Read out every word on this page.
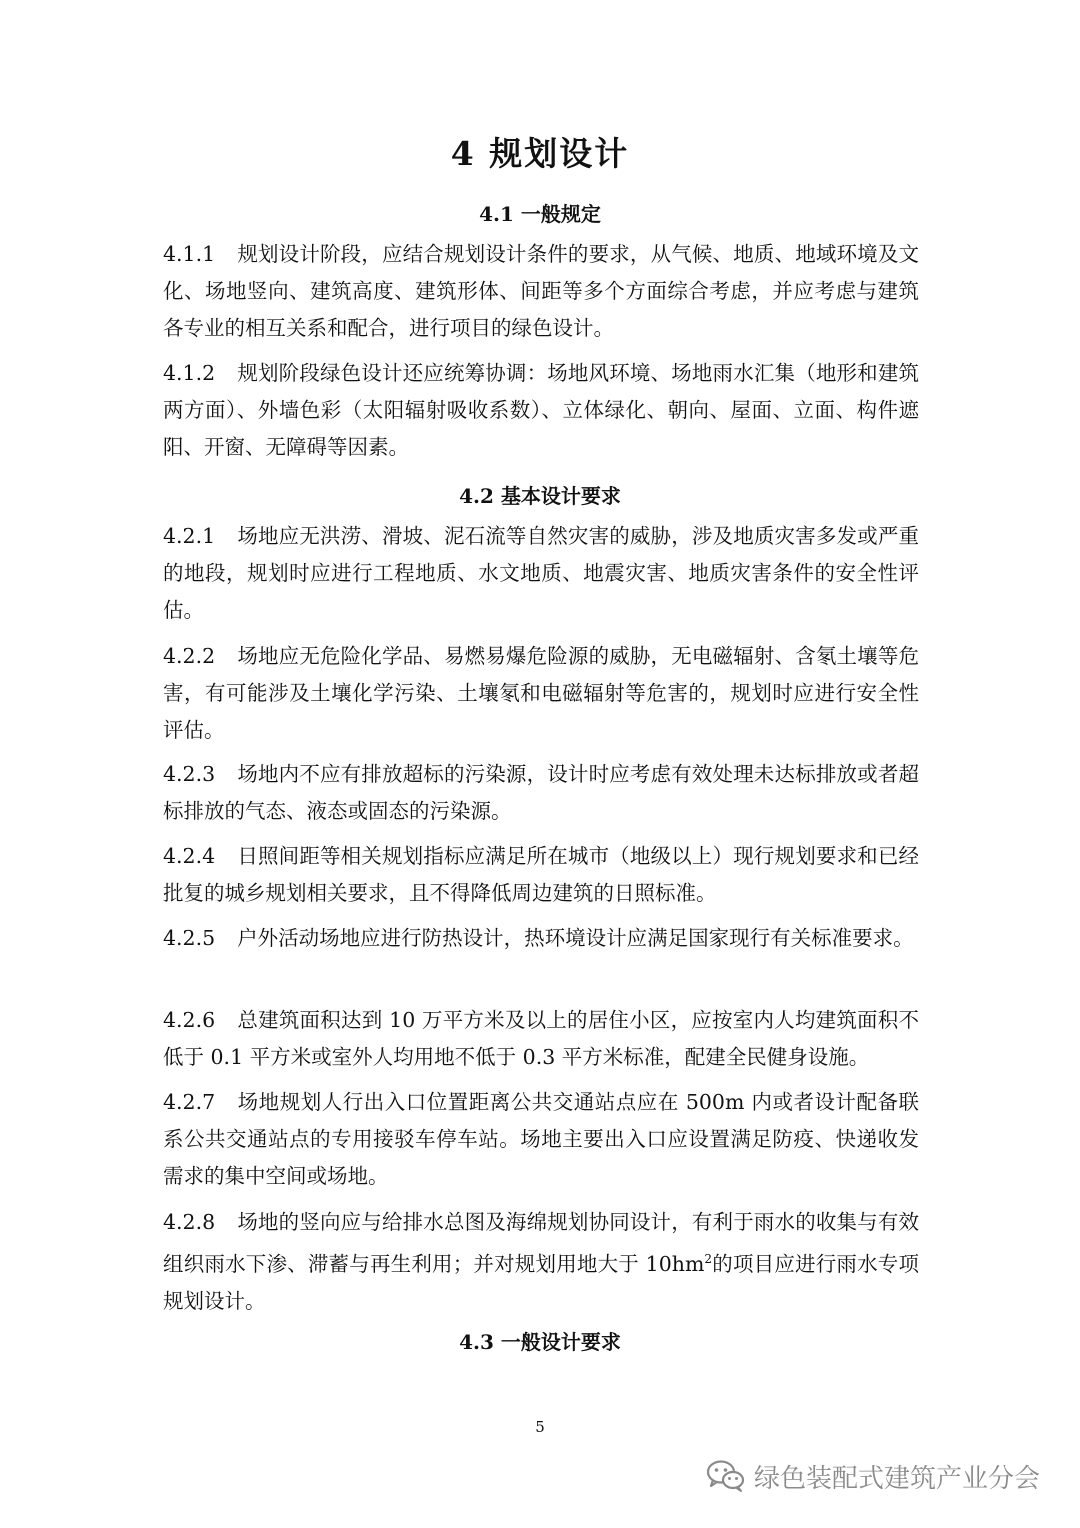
4 规划设计
4.1 一般规定
4.1.1 规划设计阶段，应结合规划设计条件的要求，从气候、地质、地域环境及文化、场地竖向、建筑高度、建筑形体、间距等多个方面综合考虑，并应考虑与建筑各专业的相互关系和配合，进行项目的绿色设计。
4.1.2 规划阶段绿色设计还应统筹协调：场地风环境、场地雨水汇集（地形和建筑两方面）、外墙色彩（太阳辐射吸收系数）、立体绿化、朝向、屋面、立面、构件遮阳、开窗、无障碍等因素。
4.2 基本设计要求
4.2.1 场地应无洪涝、滑坡、泥石流等自然灾害的威胁，涉及地质灾害多发或严重的地段，规划时应进行工程地质、水文地质、地震灾害、地质灾害条件的安全性评估。
4.2.2 场地应无危险化学品、易燃易爆危险源的威胁，无电磁辐射、含氡土壤等危害，有可能涉及土壤化学污染、土壤氡和电磁辐射等危害的，规划时应进行安全性评估。
4.2.3 场地内不应有排放超标的污染源，设计时应考虑有效处理未达标排放或者超标排放的气态、液态或固态的污染源。
4.2.4 日照间距等相关规划指标应满足所在城市（地级以上）现行规划要求和已经批复的城乡规划相关要求，且不得降低周边建筑的日照标准。
4.2.5 户外活动场地应进行防热设计，热环境设计应满足国家现行有关标准要求。
4.2.6 总建筑面积达到 10 万平方米及以上的居住小区，应按室内人均建筑面积不低于 0.1 平方米或室外人均用地不低于 0.3 平方米标准，配建全民健身设施。
4.2.7 场地规划人行出入口位置距离公共交通站点应在 500m 内或者设计配备联系公共交通站点的专用接驳车停车站。场地主要出入口应设置满足防疫、快递收发需求的集中空间或场地。
4.2.8 场地的竖向应与给排水总图及海绵规划协同设计，有利于雨水的收集与有效组织雨水下渗、滞蓄与再生利用；并对规划用地大于 $10hm^2$的项目应进行雨水专项规划设计。
4.3 一般设计要求
5
绿色装配式建筑产业分会
